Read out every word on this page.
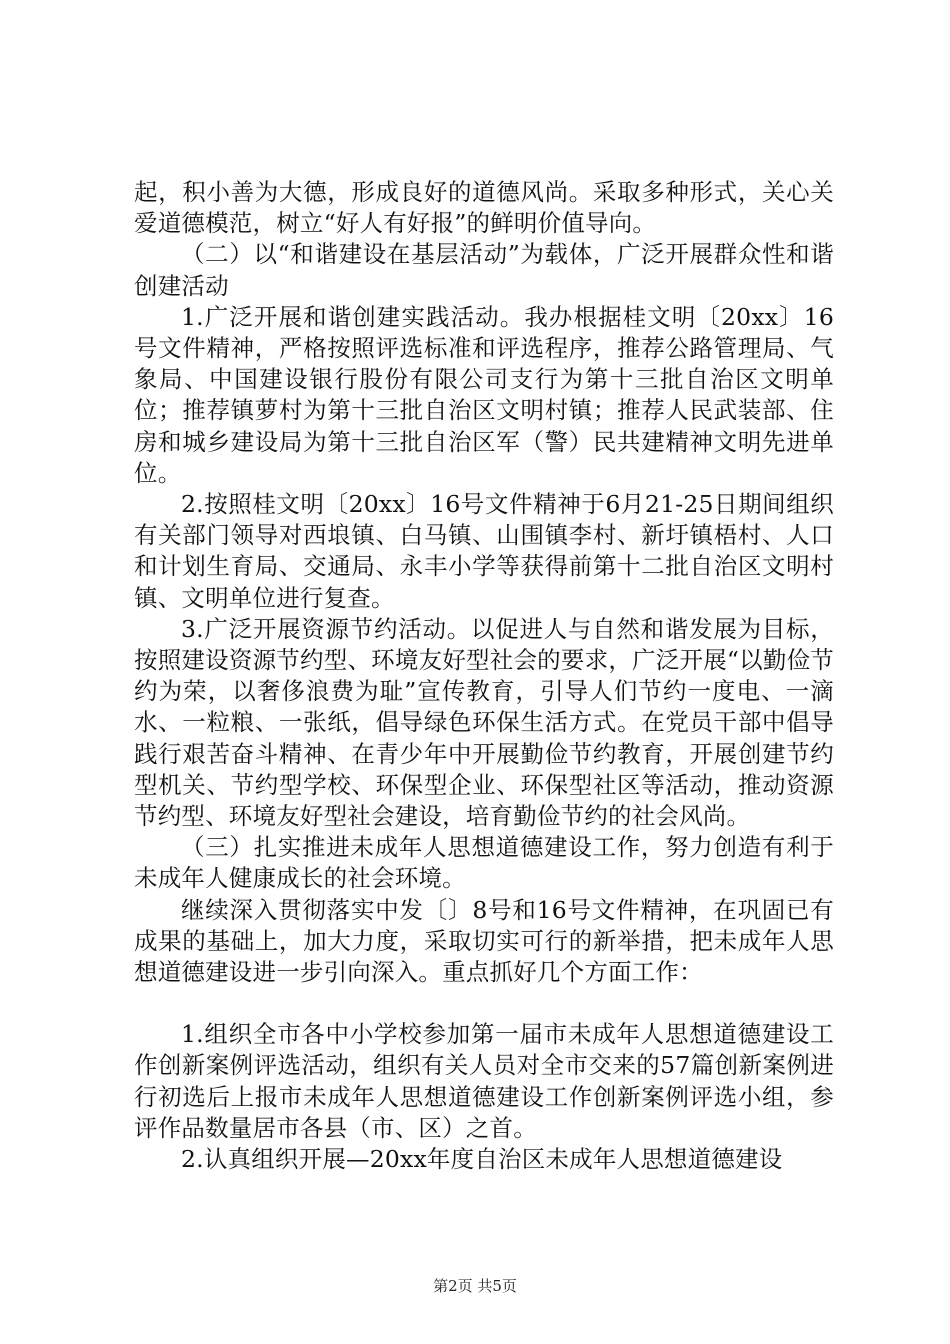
起，积小善为大德，形成良好的道德风尚。采取多种形式，关心关爱道德模范，树立“好人有好报”的鲜明价值导向。

（二）以“和谐建设在基层活动”为载体，广泛开展群众性和谐创建活动

1.广泛开展和谐创建实践活动。我办根据桂文明〔20xx〕16号文件精神，严格按照评选标准和评选程序，推荐公路管理局、气象局、中国建设银行股份有限公司支行为第十三批自治区文明单位；推荐镇萝村为第十三批自治区文明村镇；推荐人民武装部、住房和城乡建设局为第十三批自治区军（警）民共建精神文明先进单位。

2.按照桂文明〔20xx〕16号文件精神于6月21-25日期间组织有关部门领导对西埌镇、白马镇、山围镇李村、新圩镇梧村、人口和计划生育局、交通局、永丰小学等获得前第十二批自治区文明村镇、文明单位进行复查。

3.广泛开展资源节约活动。以促进人与自然和谐发展为目标，按照建设资源节约型、环境友好型社会的要求，广泛开展“以勤俭节约为荣，以奢侈浪费为耻”宣传教育，引导人们节约一度电、一滴水、一粒粮、一张纸，倡导绿色环保生活方式。在党员干部中倡导践行艰苦奋斗精神、在青少年中开展勤俭节约教育，开展创建节约型机关、节约型学校、环保型企业、环保型社区等活动，推动资源节约型、环境友好型社会建设，培育勤俭节约的社会风尚。

（三）扎实推进未成年人思想道德建设工作，努力创造有利于未成年人健康成长的社会环境。

继续深入贯彻落实中发〔〕8号和16号文件精神，在巩固已有成果的基础上，加大力度，采取切实可行的新举措，把未成年人思想道德建设进一步引向深入。重点抓好几个方面工作：

1.组织全市各中小学校参加第一届市未成年人思想道德建设工作创新案例评选活动，组织有关人员对全市交来的57篇创新案例进行初选后上报市未成年人思想道德建设工作创新案例评选小组，参评作品数量居市各县（市、区）之首。

2.认真组织开展—20xx年度自治区未成年人思想道德建设

第2页 共5页
